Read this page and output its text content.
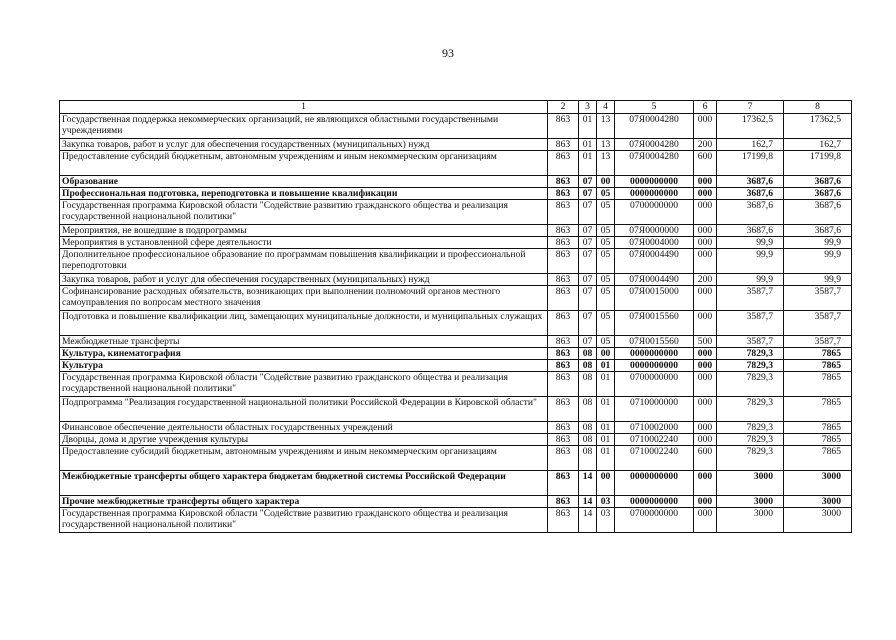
93
1	2	3	4	5	6	7	8
Государственная поддержка некоммерческих организаций, не являющихся областными государственными учреждениями	863	01	13	07Я0004280	000	17362,5	17362,5
Закупка товаров, работ и услуг для обеспечения государственных (муниципальных) нужд	863	01	13	07Я0004280	200	162,7	162,7
Предоставление субсидий бюджетным, автономным учреждениям и иным некоммерческим организациям	863	01	13	07Я0004280	600	17199,8	17199,8
Образование	863	07	00	0000000000	000	3687,6	3687,6
Профессиональная подготовка, переподготовка и повышение квалификации	863	07	05	0000000000	000	3687,6	3687,6
Государственная программа Кировской области "Содействие развитию гражданского общества и реализация государственной национальной политики"	863	07	05	0700000000	000	3687,6	3687,6
Мероприятия, не вошедшие в подпрограммы	863	07	05	07Я0000000	000	3687,6	3687,6
Мероприятия в установленной сфере деятельности	863	07	05	07Я0004000	000	99,9	99,9
Дополнительное профессиональное образование по программам повышения квалификации и профессиональной переподготовки	863	07	05	07Я0004490	000	99,9	99,9
Закупка товаров, работ и услуг для обеспечения государственных (муниципальных) нужд	863	07	05	07Я0004490	200	99,9	99,9
Софинансирование расходных обязательств, возникающих при выполнении полномочий органов местного самоуправления по вопросам местного значения	863	07	05	07Я0015000	000	3587,7	3587,7
Подготовка и повышение квалификации лиц, замещающих муниципальные должности, и муниципальных служащих	863	07	05	07Я0015560	000	3587,7	3587,7
Межбюджетные трансферты	863	07	05	07Я0015560	500	3587,7	3587,7
Культура, кинематография	863	08	00	0000000000	000	7829,3	7865
Культура	863	08	01	0000000000	000	7829,3	7865
Государственная программа Кировской области "Содействие развитию гражданского общества и реализация государственной национальной политики"	863	08	01	0700000000	000	7829,3	7865
Подпрограмма "Реализация государственной национальной политики Российской Федерации в Кировской области"	863	08	01	0710000000	000	7829,3	7865
Финансовое обеспечение деятельности областных государственных учреждений	863	08	01	0710002000	000	7829,3	7865
Дворцы, дома и другие учреждения культуры	863	08	01	0710002240	000	7829,3	7865
Предоставление субсидий бюджетным, автономным учреждениям и иным некоммерческим организациям	863	08	01	0710002240	600	7829,3	7865
Межбюджетные трансферты общего характера бюджетам бюджетной системы Российской Федерации	863	14	00	0000000000	000	3000	3000
Прочие межбюджетные трансферты общего характера	863	14	03	0000000000	000	3000	3000
Государственная программа Кировской области "Содействие развитию гражданского общества и реализация государственной национальной политики"	863	14	03	0700000000	000	3000	3000
